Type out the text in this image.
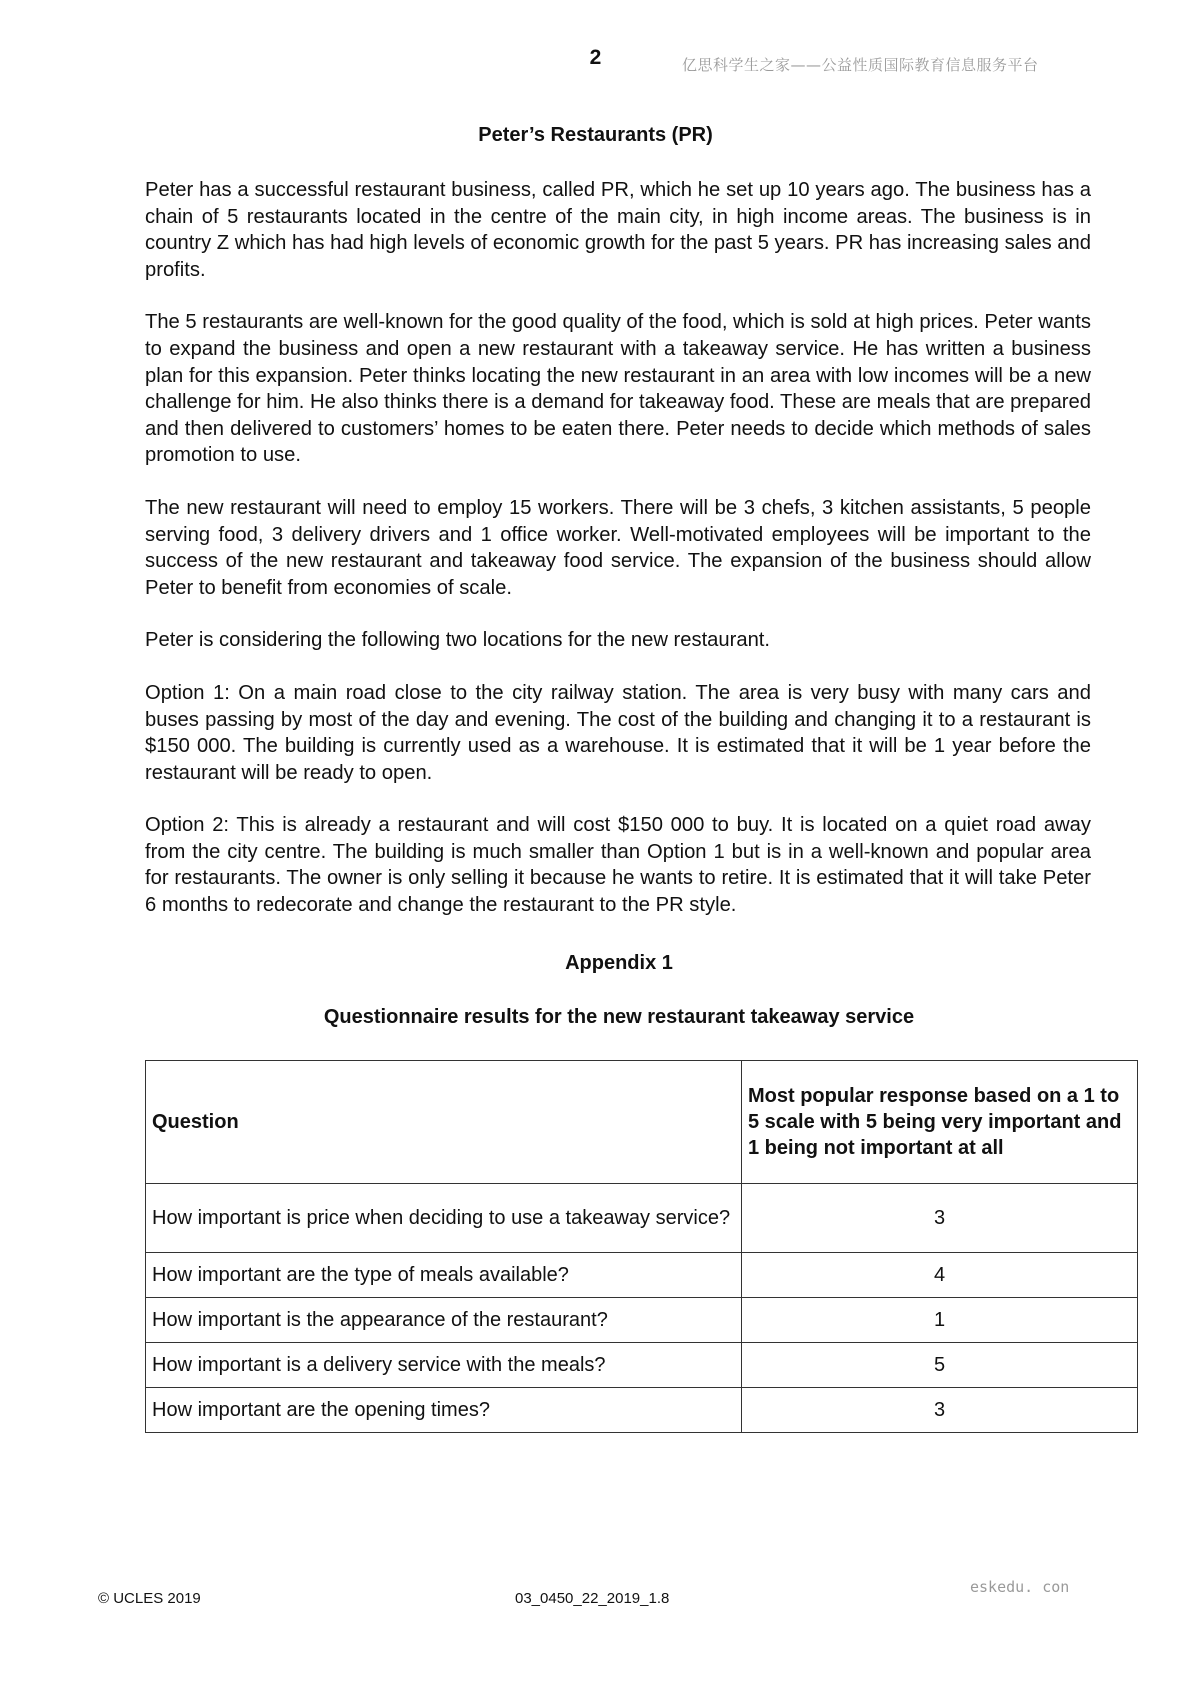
2	亿思科学生之家——公益性质国际教育信息服务平台
Peter’s Restaurants (PR)

Peter has a successful restaurant business, called PR, which he set up 10 years ago. The business has a chain of 5 restaurants located in the centre of the main city, in high income areas. The business is in country Z which has had high levels of economic growth for the past 5 years. PR has increasing sales and profits.

The 5 restaurants are well-known for the good quality of the food, which is sold at high prices. Peter wants to expand the business and open a new restaurant with a takeaway service. He has written a business plan for this expansion. Peter thinks locating the new restaurant in an area with low incomes will be a new challenge for him. He also thinks there is a demand for takeaway food. These are meals that are prepared and then delivered to customers’ homes to be eaten there. Peter needs to decide which methods of sales promotion to use.

The new restaurant will need to employ 15 workers. There will be 3 chefs, 3 kitchen assistants, 5 people serving food, 3 delivery drivers and 1 office worker. Well-motivated employees will be important to the success of the new restaurant and takeaway food service. The expansion of the business should allow Peter to benefit from economies of scale.

Peter is considering the following two locations for the new restaurant.

Option 1: On a main road close to the city railway station. The area is very busy with many cars and buses passing by most of the day and evening. The cost of the building and changing it to a restaurant is $150 000. The building is currently used as a warehouse. It is estimated that it will be 1 year before the restaurant will be ready to open.

Option 2: This is already a restaurant and will cost $150 000 to buy. It is located on a quiet road away from the city centre. The building is much smaller than Option 1 but is in a well-known and popular area for restaurants. The owner is only selling it because he wants to retire. It is estimated that it will take Peter 6 months to redecorate and change the restaurant to the PR style.

Appendix 1
Questionnaire results for the new restaurant takeaway service
Question	Most popular response based on a 1 to 5 scale with 5 being very important and 1 being not important at all
How important is price when deciding to use a takeaway service?	3
How important are the type of meals available?	4
How important is the appearance of the restaurant?	1
How important is a delivery service with the meals?	5
How important are the opening times?	3
© UCLES 2019	03_0450_22_2019_1.8
eskedu. con
